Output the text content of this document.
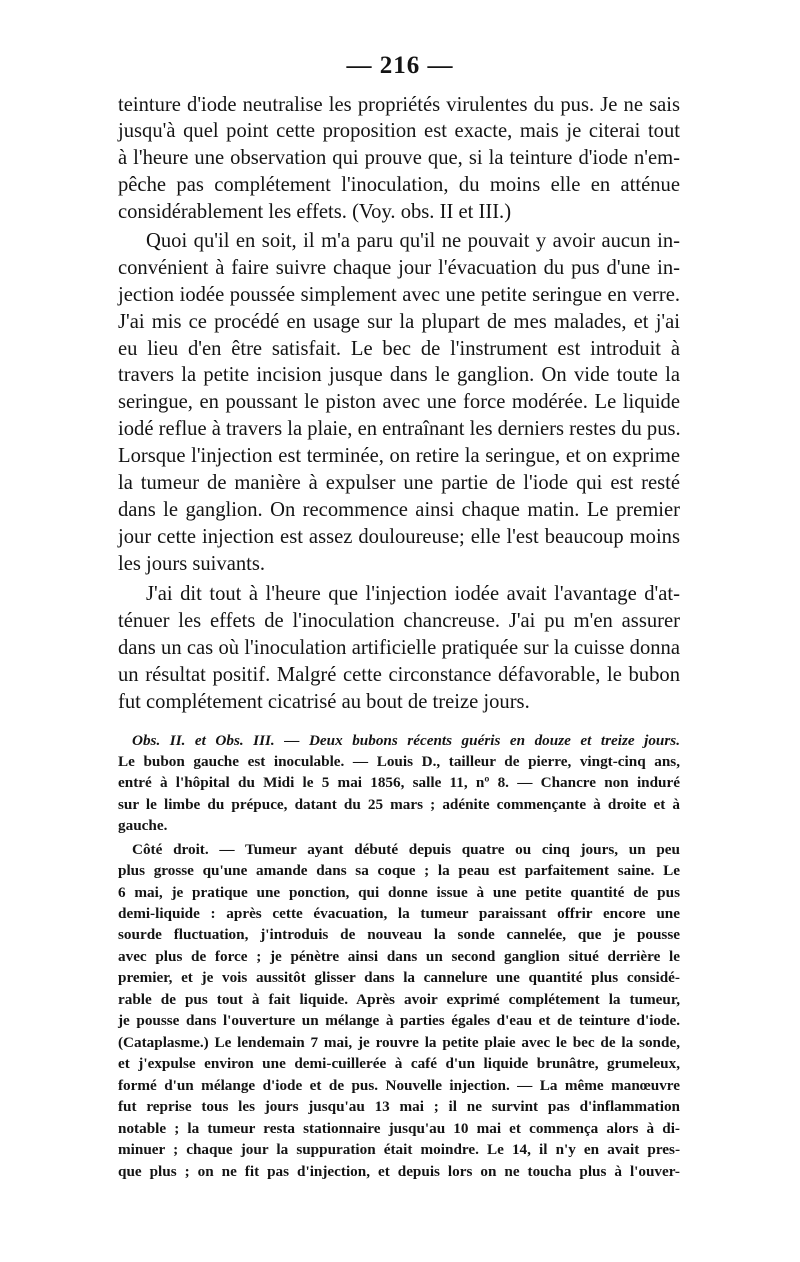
— 216 —
teinture d'iode neutralise les propriétés virulentes du pus. Je ne sais
jusqu'à quel point cette proposition est exacte, mais je citerai tout
à l'heure une observation qui prouve que, si la teinture d'iode n'em-
pêche pas complétement l'inoculation, du moins elle en atténue
considérablement les effets. (Voy. obs. II et III.)
Quoi qu'il en soit, il m'a paru qu'il ne pouvait y avoir aucun in-
convénient à faire suivre chaque jour l'évacuation du pus d'une in-
jection iodée poussée simplement avec une petite seringue en verre.
J'ai mis ce procédé en usage sur la plupart de mes malades, et j'ai
eu lieu d'en être satisfait. Le bec de l'instrument est introduit à
travers la petite incision jusque dans le ganglion. On vide toute la
seringue, en poussant le piston avec une force modérée. Le liquide
iodé reflue à travers la plaie, en entraînant les derniers restes du pus.
Lorsque l'injection est terminée, on retire la seringue, et on exprime
la tumeur de manière à expulser une partie de l'iode qui est resté
dans le ganglion. On recommence ainsi chaque matin. Le premier
jour cette injection est assez douloureuse; elle l'est beaucoup moins
les jours suivants.
J'ai dit tout à l'heure que l'injection iodée avait l'avantage d'at-
ténuer les effets de l'inoculation chancreuse. J'ai pu m'en assurer
dans un cas où l'inoculation artificielle pratiquée sur la cuisse donna
un résultat positif. Malgré cette circonstance défavorable, le bubon
fut complétement cicatrisé au bout de treize jours.
Obs. II. et Obs. III. — Deux bubons récents guéris en douze et treize jours.
Le bubon gauche est inoculable. — Louis D., tailleur de pierre, vingt-cinq ans,
entré à l'hôpital du Midi le 5 mai 1856, salle 11, nº 8. — Chancre non induré
sur le limbe du prépuce, datant du 25 mars ; adénite commençante à droite et à
gauche.
Côté droit. — Tumeur ayant débuté depuis quatre ou cinq jours, un peu
plus grosse qu'une amande dans sa coque ; la peau est parfaitement saine. Le
6 mai, je pratique une ponction, qui donne issue à une petite quantité de pus
demi-liquide : après cette évacuation, la tumeur paraissant offrir encore une
sourde fluctuation, j'introduis de nouveau la sonde cannelée, que je pousse
avec plus de force ; je pénètre ainsi dans un second ganglion situé derrière le
premier, et je vois aussitôt glisser dans la cannelure une quantité plus considé-
rable de pus tout à fait liquide. Après avoir exprimé complétement la tumeur,
je pousse dans l'ouverture un mélange à parties égales d'eau et de teinture d'iode.
(Cataplasme.) Le lendemain 7 mai, je rouvre la petite plaie avec le bec de la sonde,
et j'expulse environ une demi-cuillerée à café d'un liquide brunâtre, grumeleux,
formé d'un mélange d'iode et de pus. Nouvelle injection. — La même manœuvre
fut reprise tous les jours jusqu'au 13 mai ; il ne survint pas d'inflammation
notable ; la tumeur resta stationnaire jusqu'au 10 mai et commença alors à di-
minuer ; chaque jour la suppuration était moindre. Le 14, il n'y en avait pres-
que plus ; on ne fit pas d'injection, et depuis lors on ne toucha plus à l'ouver-
